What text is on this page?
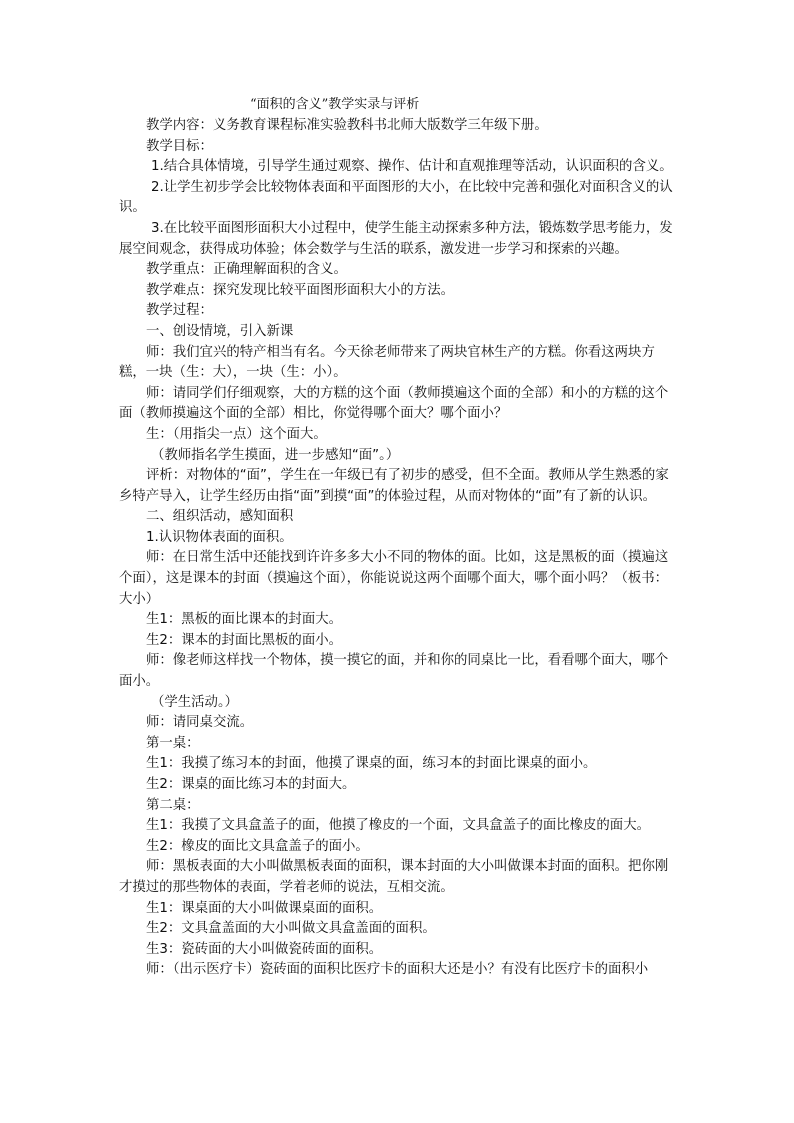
“面积的含义”教学实录与评析

教学内容：义务教育课程标准实验教科书北师大版数学三年级下册。

教学目标：

1.结合具体情境，引导学生通过观察、操作、估计和直观推理等活动，认识面积的含义。

2.让学生初步学会比较物体表面和平面图形的大小，在比较中完善和强化对面积含义的认识。

3.在比较平面图形面积大小过程中，使学生能主动探索多种方法，锻炼数学思考能力，发展空间观念，获得成功体验；体会数学与生活的联系，激发进一步学习和探索的兴趣。

教学重点：正确理解面积的含义。

教学难点：探究发现比较平面图形面积大小的方法。

教学过程：

一、创设情境，引入新课

师：我们宜兴的特产相当有名。今天徐老师带来了两块官林生产的方糕。你看这两块方糕，一块（生：大），一块（生：小）。

师：请同学们仔细观察，大的方糕的这个面（教师摸遍这个面的全部）和小的方糕的这个面（教师摸遍这个面的全部）相比，你觉得哪个面大？哪个面小？

生：（用指尖一点）这个面大。

（教师指名学生摸面，进一步感知“面”。）

评析：对物体的“面”，学生在一年级已有了初步的感受，但不全面。教师从学生熟悉的家乡特产导入，让学生经历由指“面”到摸“面”的体验过程，从而对物体的“面”有了新的认识。

二、组织活动，感知面积

1.认识物体表面的面积。

师：在日常生活中还能找到许许多多大小不同的物体的面。比如，这是黑板的面（摸遍这个面），这是课本的封面（摸遍这个面），你能说说这两个面哪个面大，哪个面小吗？（板书：大小）

生1：黑板的面比课本的封面大。

生2：课本的封面比黑板的面小。

师：像老师这样找一个物体，摸一摸它的面，并和你的同桌比一比，看看哪个面大，哪个面小。

（学生活动。）

师：请同桌交流。

第一桌：

生1：我摸了练习本的封面，他摸了课桌的面，练习本的封面比课桌的面小。

生2：课桌的面比练习本的封面大。

第二桌：

生1：我摸了文具盒盖子的面，他摸了橡皮的一个面，文具盒盖子的面比橡皮的面大。

生2：橡皮的面比文具盒盖子的面小。

师：黑板表面的大小叫做黑板表面的面积，课本封面的大小叫做课本封面的面积。把你刚才摸过的那些物体的表面，学着老师的说法，互相交流。

生1：课桌面的大小叫做课桌面的面积。

生2：文具盒盖面的大小叫做文具盒盖面的面积。

生3：瓷砖面的大小叫做瓷砖面的面积。

师：（出示医疗卡）瓷砖面的面积比医疗卡的面积大还是小？有没有比医疗卡的面积小
